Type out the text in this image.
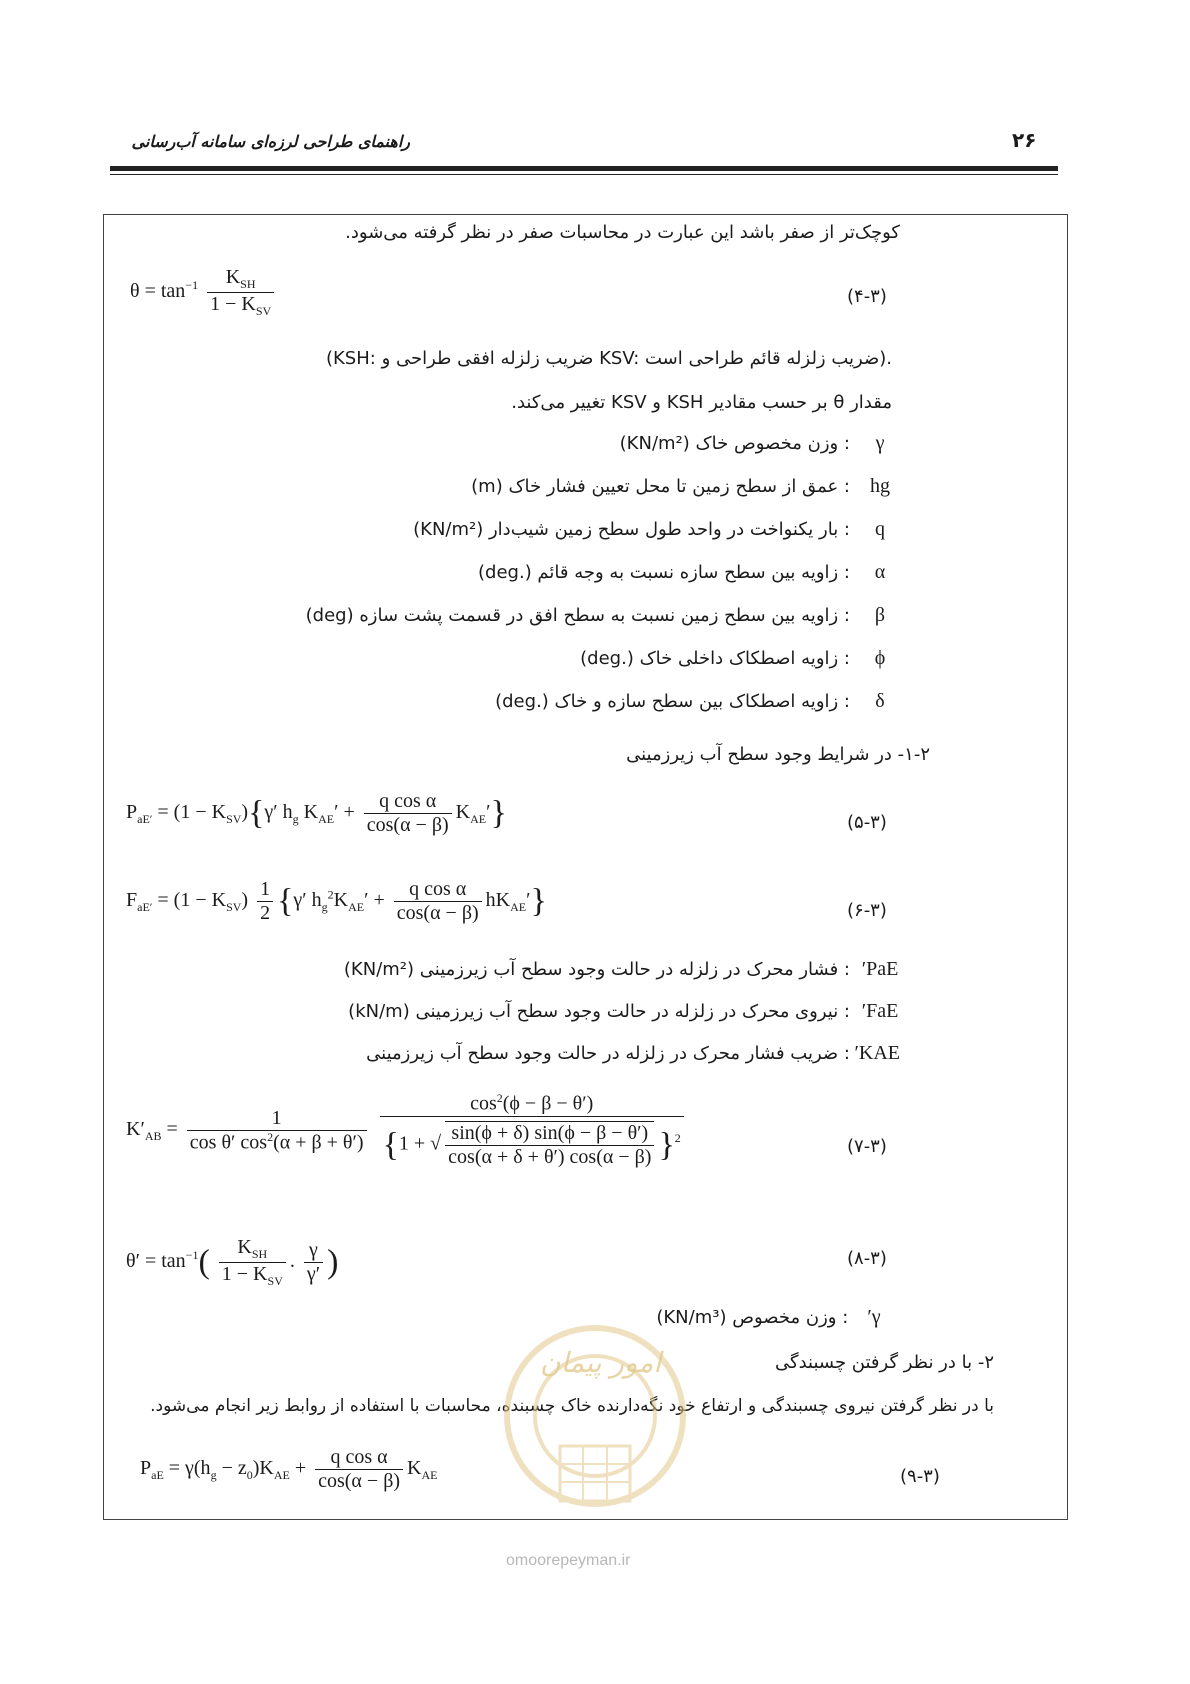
۲۶
راهنمای طراحی لرزه‌ای سامانه آب‌رسانی
کوچک‌تر از صفر باشد این عبارت در محاسبات صفر در نظر گرفته می‌شود.
$\theta = \tan^{-1} \frac{K_{SH}}{1 - K_{SV}}$	(۴-۳)
(KSH: ضریب زلزله افقی طراحی و KSV: ضریب زلزله قائم طراحی است).
مقدار θ بر حسب مقادیر KSH و KSV تغییر می‌کند.
γ
: وزن مخصوص خاک (KN/m²)
hg
: عمق از سطح زمین تا محل تعیین فشار خاک (m)
q
: بار یکنواخت در واحد طول سطح زمین شیب‌دار (KN/m²)
α
: زاویه بین سطح سازه نسبت به وجه قائم (.deg)
β
: زاویه بین سطح زمین نسبت به سطح افق در قسمت پشت سازه (deg)
ϕ
: زاویه اصطکاک داخلی خاک (.deg)
δ
: زاویه اصطکاک بین سطح سازه و خاک (.deg)
۱-۲- در شرایط وجود سطح آب زیرزمینی
$P_{aE'} = (1 - K_{SV})\{\gamma'$ $h_g$ $K_{AE}' + \frac{\text{q cos α}}{\cos(\alpha - \beta)} K_{AE}'$}	(۵-۳)
$F_{aE'} = (1 - K_{SV}) \frac{1}{2} \{\gamma'$ $h_g^2K_{AE}' + \frac{\text{q cos α}}{\cos(\alpha - \beta)} hK_{AE}'$}	(۶-۳)
PaE′
: فشار محرک در زلزله در حالت وجود سطح آب زیرزمینی (KN/m²)
FaE′
: نیروی محرک در زلزله در حالت وجود سطح آب زیرزمینی (kN/m)
KAE′
: ضریب فشار محرک در زلزله در حالت وجود سطح آب زیرزمینی
$K'_{AB} = \frac{1}{\cos \theta' \cos^2(\alpha + \beta + \theta')}$
$\frac{\cos^2(\phi - \beta - \theta')}{\{1 + √ \frac{\sin(\phi + \delta) \sin(\phi - \beta - \theta')}{\cos(\alpha + \delta + \theta') \cos(\alpha - \beta)} \}^2}$	(۷-۳)
$\theta' = \tan^{-1}( \frac{K_{SH}}{1 - K_{SV}}$ . $\frac{\gamma}{\gamma'}$ )	(۸-۳)
γ′ : وزن مخصوص (KN/m³)
۲- با در نظر گرفتن چسبندگی
با در نظر گرفتن نیروی چسبندگی و ارتفاع خود نگه‌دارنده خاک چسبنده، محاسبات با استفاده از روابط زیر انجام می‌شود.
$P_{aE} = \gamma(h_g - z_0)K_{AE} + \frac{\text{q cos α}}{\cos(\alpha - \beta)} K_{AE}$	(۹-۳)
امور پیمان
omoorepeyman.ir
